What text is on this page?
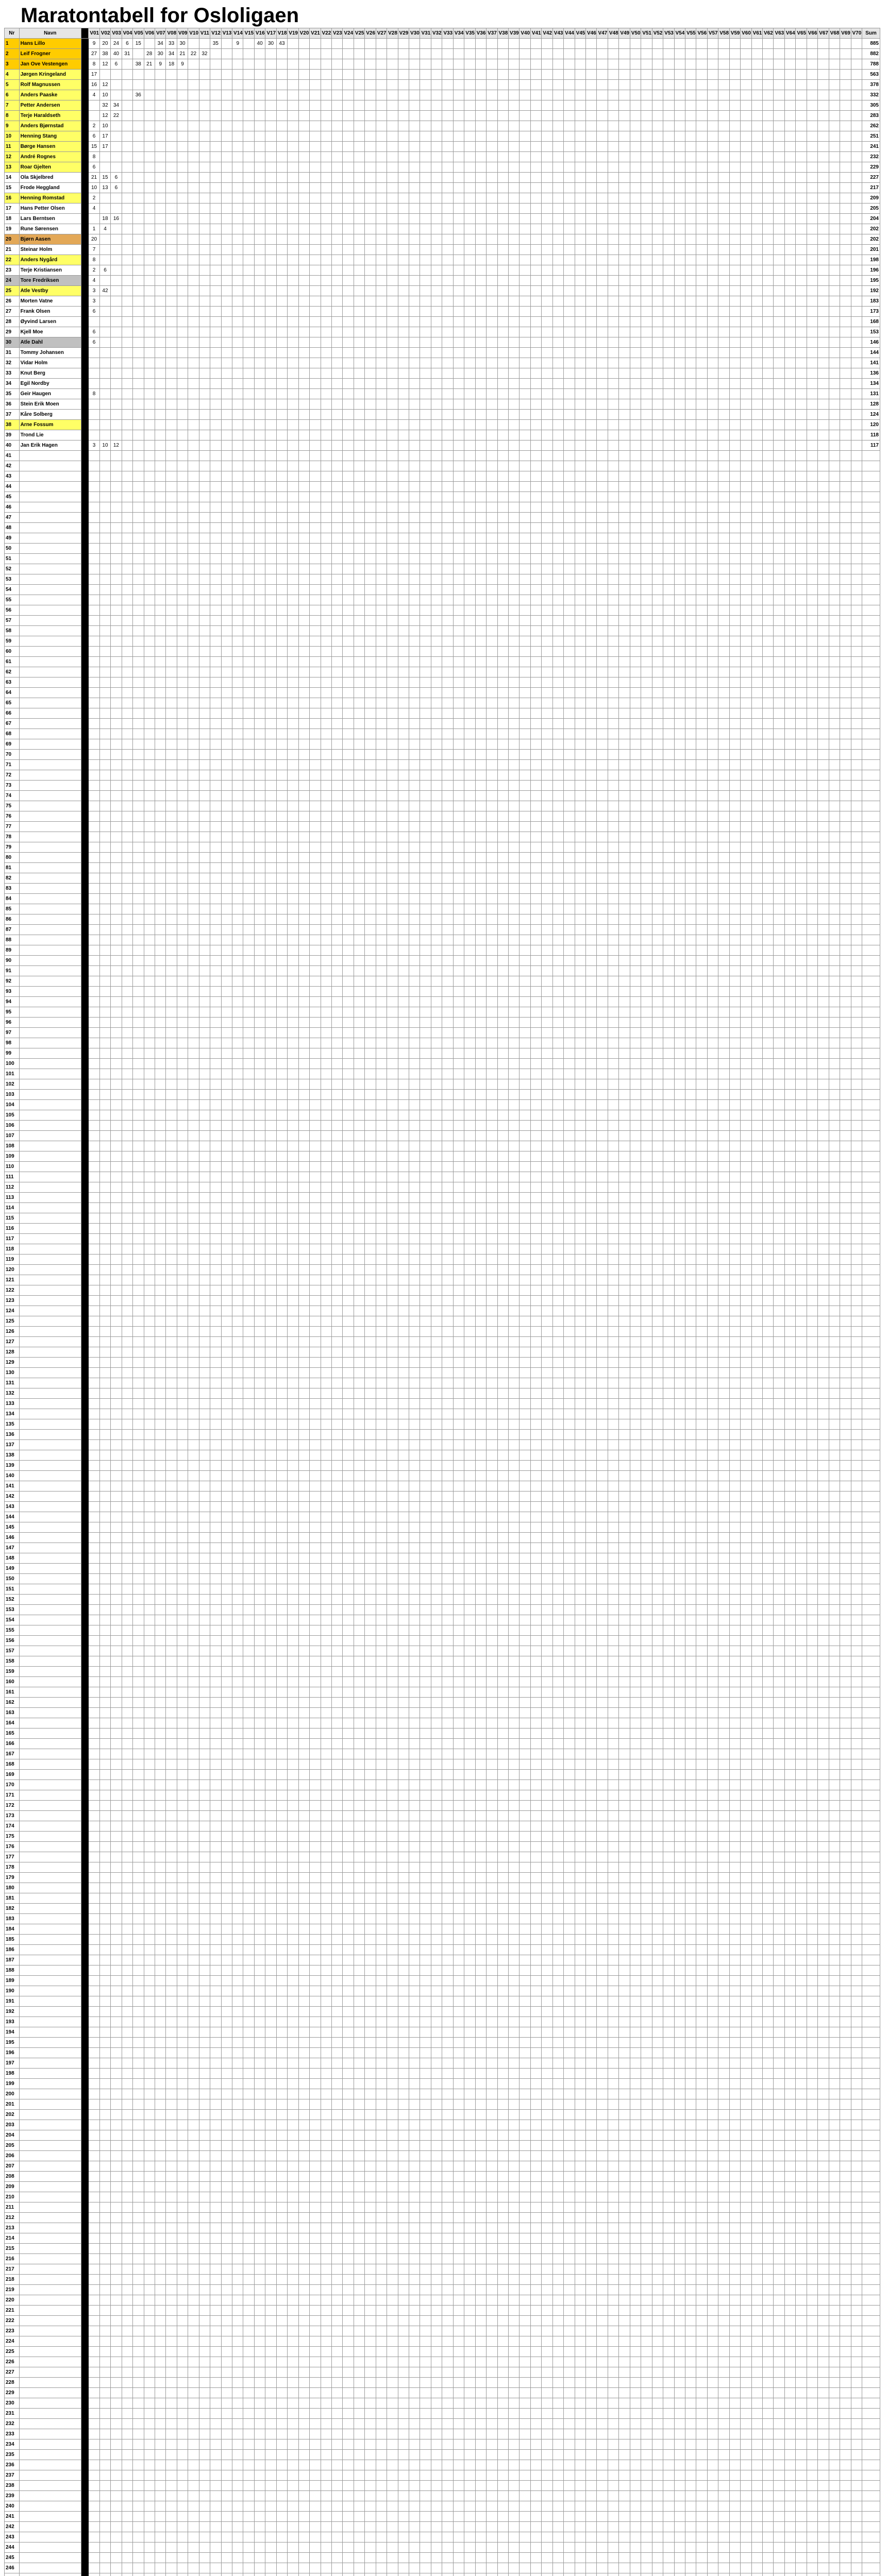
Maratontabell for Osloligaen
Nr	Navn		V01	V02	V03	V04	V05	V06	V07	V08	V09	V10	V11	V12	V13	V14	V15	V16	V17	V18	V19	V20	V21	V22	V23	V24	V25	V26	V27	V28	V29	V30	V31	V32	V33	V34	V35	V36	V37	V38	V39	V40	V41	V42	V43	V44	V45	V46	V47	V48	V49	V50	V51	V52	V53	V54	V55	V56	V57	V58	V59	V60	V61	V62	V63	V64	V65	V66	V67	V68	V69	V70	Sum
1	Hans Lillo		9	20	24	6	15		34	33	30			35		9		40	30	43																																																					885
2	Leif Frogner		27	38	40	31		28	30	34	21	22	32																																																												882
3	Jan Ove Vestengen		8	12	6		38	21	9	18	9																																																														788
4	Jørgen Kringeland		17																																																																						563
5	Rolf Magnussen		16	12																																																																					378
6	Anders Paaske		4	10			36																																																																		332
7	Petter Andersen			32	34																																																																				305
8	Terje Haraldseth			12	22																																																																				283
9	Anders Bjørnstad		2	10																																																																					262
10	Henning Stang		6	17																																																																					251
11	Børge Hansen		15	17																																																																					241
12	André Rognes		8																																																																						232
13	Roar Gjelten		6																																																																						229
14	Ola Skjelbred		21	15	6																																																																				227
15	Frode Heggland		10	13	6																																																																				217
16	Henning Romstad		2																																																																						209
17	Hans Petter Olsen		4																																																																						205
18	Lars Berntsen			18	16																																																																				204
19	Rune Sørensen		1	4																																																																					202
20	Bjørn Aasen		20																																																																						202
21	Steinar Holm		7																																																																						201
22	Anders Nygård		8																																																																						198
23	Terje Kristiansen		2	6																																																																					196
24	Tore Fredriksen		4																																																																						195
25	Atle Vestby		3	42																																																																					192
26	Morten Vatne		3																																																																						183
27	Frank Olsen		6																																																																						173
28	Øyvind Larsen																																																																								168
29	Kjell Moe		6																																																																						153
30	Atle Dahl		6																																																																						146
31	Tommy Johansen																																																																								144
32	Vidar Holm																																																																								141
33	Knut Berg																																																																								136
34	Egil Nordby																																																																								134
35	Geir Haugen		8																																																																						131
36	Stein Erik Moen																																																																								128
37	Kåre Solberg																																																																								124
38	Arne Fossum																																																																								120
39	Trond Lie																																																																								118
40	Jan Erik Hagen		3	10	12																																																																				117
41																																																																									
42																																																																									
43																																																																									
44																																																																									
45																																																																									
46																																																																									
47																																																																									
48																																																																									
49																																																																									
50																																																																									
51																																																																									
52																																																																									
53																																																																									
54																																																																									
55																																																																									
56																																																																									
57																																																																									
58																																																																									
59																																																																									
60																																																																									
61																																																																									
62																																																																									
63																																																																									
64																																																																									
65																																																																									
66																																																																									
67																																																																									
68																																																																									
69																																																																									
70																																																																									
71																																																																									
72																																																																									
73																																																																									
74																																																																									
75																																																																									
76																																																																									
77																																																																									
78																																																																									
79																																																																									
80																																																																									
81																																																																									
82																																																																									
83																																																																									
84																																																																									
85																																																																									
86																																																																									
87																																																																									
88																																																																									
89																																																																									
90																																																																									
91																																																																									
92																																																																									
93																																																																									
94																																																																									
95																																																																									
96																																																																									
97																																																																									
98																																																																									
99																																																																									
100																																																																									
101																																																																									
102																																																																									
103																																																																									
104																																																																									
105																																																																									
106																																																																									
107																																																																									
108																																																																									
109																																																																									
110																																																																									
111																																																																									
112																																																																									
113																																																																									
114																																																																									
115																																																																									
116																																																																									
117																																																																									
118																																																																									
119																																																																									
120																																																																									
121																																																																									
122																																																																									
123																																																																									
124																																																																									
125																																																																									
126																																																																									
127																																																																									
128																																																																									
129																																																																									
130																																																																									
131																																																																									
132																																																																									
133																																																																									
134																																																																									
135																																																																									
136																																																																									
137																																																																									
138																																																																									
139																																																																									
140																																																																									
141																																																																									
142																																																																									
143																																																																									
144																																																																									
145																																																																									
146																																																																									
147																																																																									
148																																																																									
149																																																																									
150																																																																									
151																																																																									
152																																																																									
153																																																																									
154																																																																									
155																																																																									
156																																																																									
157																																																																									
158																																																																									
159																																																																									
160																																																																									
161																																																																									
162																																																																									
163																																																																									
164																																																																									
165																																																																									
166																																																																									
167																																																																									
168																																																																									
169																																																																									
170																																																																									
171																																																																									
172																																																																									
173																																																																									
174																																																																									
175																																																																									
176																																																																									
177																																																																									
178																																																																									
179																																																																									
180																																																																									
181																																																																									
182																																																																									
183																																																																									
184																																																																									
185																																																																									
186																																																																									
187																																																																									
188																																																																									
189																																																																									
190																																																																									
191																																																																									
192																																																																									
193																																																																									
194																																																																									
195																																																																									
196																																																																									
197																																																																									
198																																																																									
199																																																																									
200																																																																									
201																																																																									
202																																																																									
203																																																																									
204																																																																									
205																																																																									
206																																																																									
207																																																																									
208																																																																									
209																																																																									
210																																																																									
211																																																																									
212																																																																									
213																																																																									
214																																																																									
215																																																																									
216																																																																									
217																																																																									
218																																																																									
219																																																																									
220																																																																									
221																																																																									
222																																																																									
223																																																																									
224																																																																									
225																																																																									
226																																																																									
227																																																																									
228																																																																									
229																																																																									
230																																																																									
231																																																																									
232																																																																									
233																																																																									
234																																																																									
235																																																																									
236																																																																									
237																																																																									
238																																																																									
239																																																																									
240																																																																									
241																																																																									
242																																																																									
243																																																																									
244																																																																									
245																																																																									
246																																																																									
